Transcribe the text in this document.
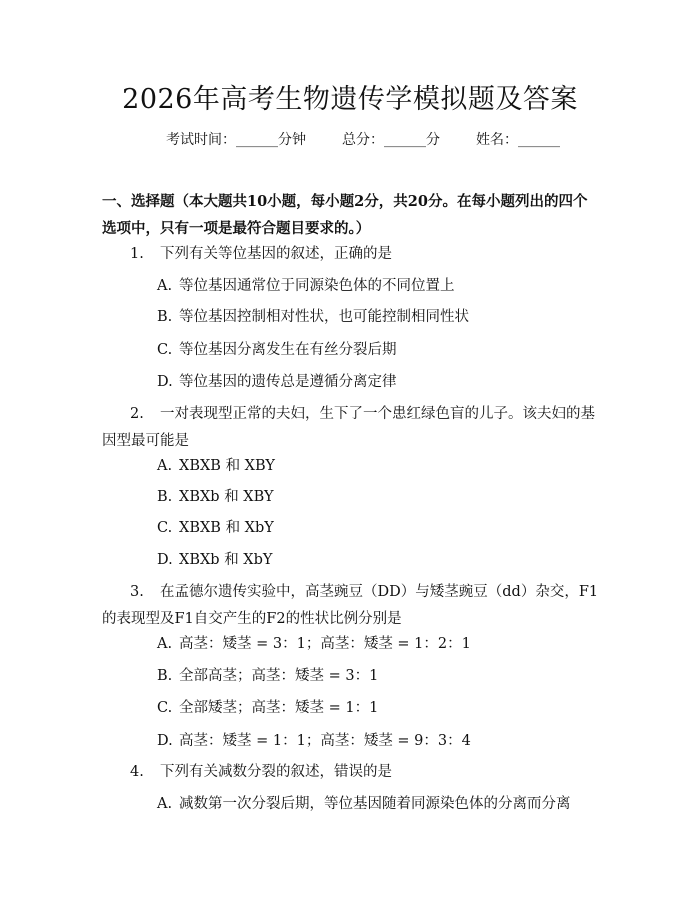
2026年高考生物遗传学模拟题及答案
考试时间：______分钟	总分：______分	姓名：______
一、选择题（本大题共10小题，每小题2分，共20分。在每小题列出的四个选项中，只有一项是最符合题目要求的。）
1. 下列有关等位基因的叙述，正确的是
A. 等位基因通常位于同源染色体的不同位置上
B. 等位基因控制相对性状，也可能控制相同性状
C. 等位基因分离发生在有丝分裂后期
D. 等位基因的遗传总是遵循分离定律
2. 一对表现型正常的夫妇，生下了一个患红绿色盲的儿子。该夫妇的基因型最可能是
A. XBXB 和 XBY
B. XBXb 和 XBY
C. XBXB 和 XbY
D. XBXb 和 XbY
3. 在孟德尔遗传实验中，高茎豌豆（DD）与矮茎豌豆（dd）杂交，F1的表现型及F1自交产生的F2的性状比例分别是
A. 高茎：矮茎 = 3：1；高茎：矮茎 = 1：2：1
B. 全部高茎；高茎：矮茎 = 3：1
C. 全部矮茎；高茎：矮茎 = 1：1
D. 高茎：矮茎 = 1：1；高茎：矮茎 = 9：3：4
4. 下列有关减数分裂的叙述，错误的是
A. 减数第一次分裂后期，等位基因随着同源染色体的分离而分离
